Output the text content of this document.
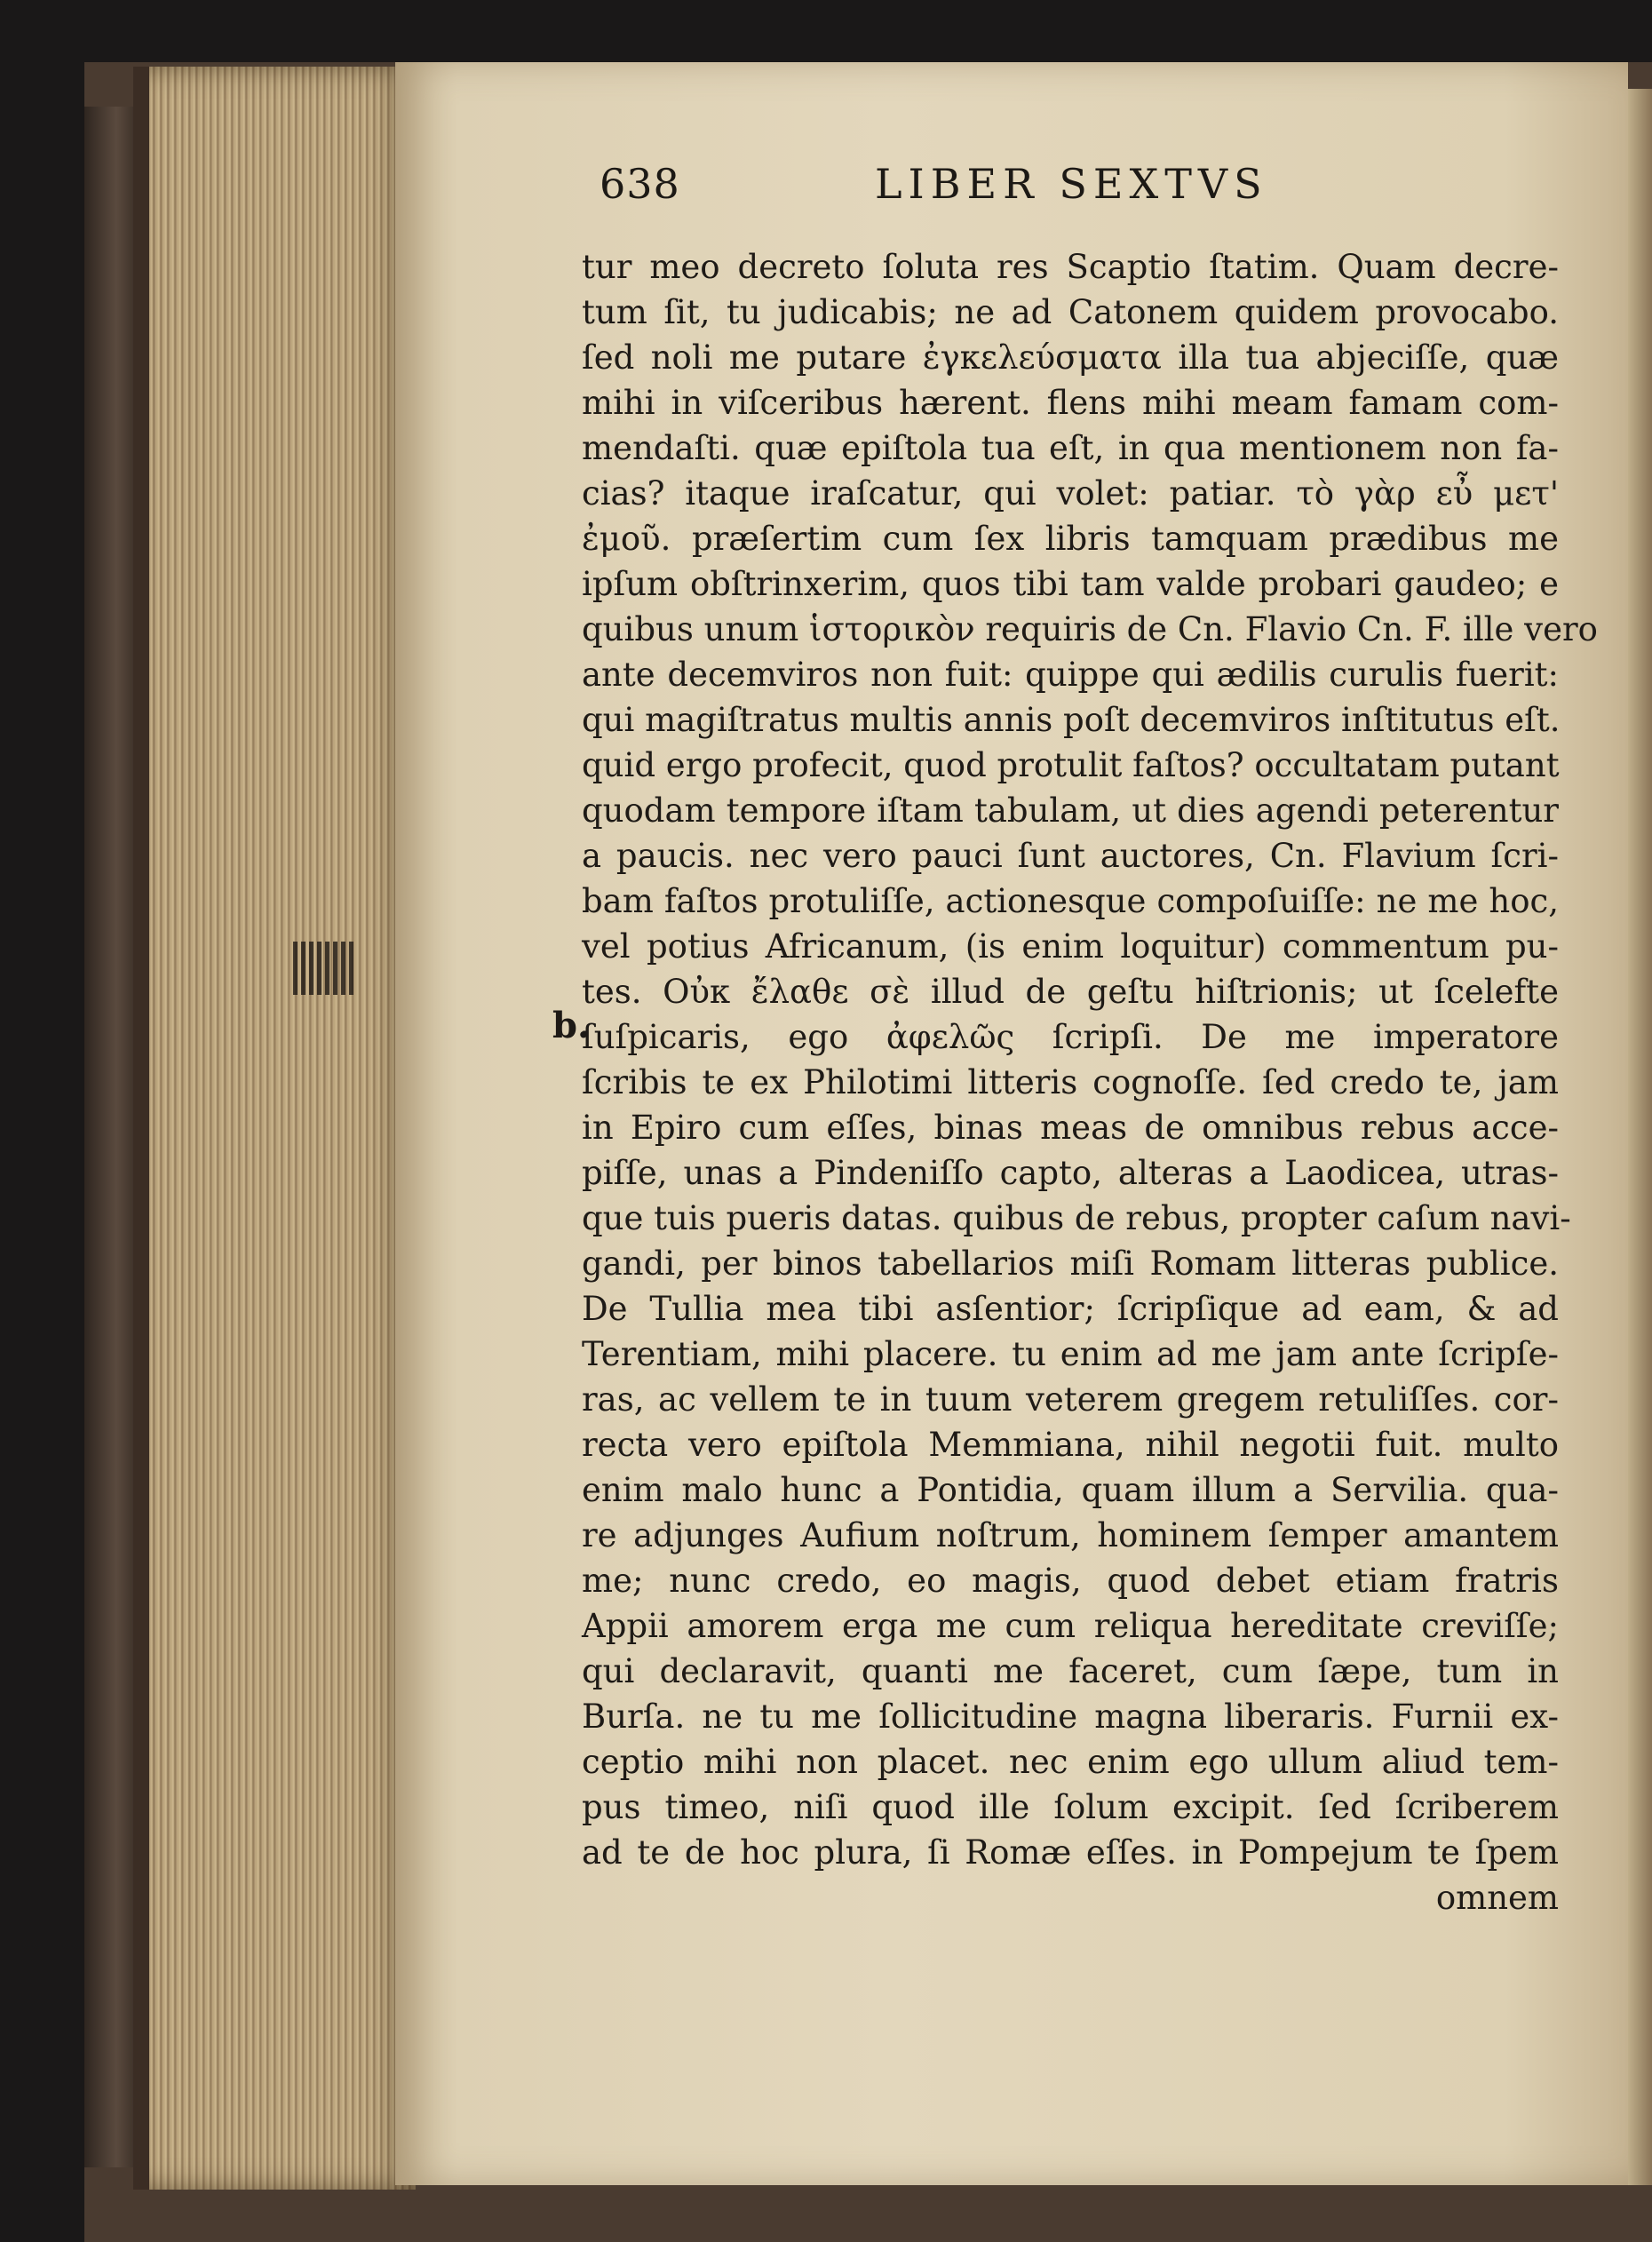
638	LIBER SEXTVS
b.
tur meo decreto ſoluta res Scaptio ſtatim. Quam decre-
tum ſit, tu judicabis; ne ad Catonem quidem provocabo.
ſed noli me putare ἐγκελεύσματα illa tua abjeciſſe, quæ
mihi in viſceribus hærent. flens mihi meam famam com-
mendaſti. quæ epiſtola tua eſt, in qua mentionem non fa-
cias? itaque iraſcatur, qui volet: patiar. τὸ γὰρ εὖ μετ'
ἐμοῦ. præſertim cum ſex libris tamquam prædibus me
ipſum obſtrinxerim, quos tibi tam valde probari gaudeo; e
quibus unum ἱστορικὸν requiris de Cn. Flavio Cn. F. ille vero
ante decemviros non fuit: quippe qui ædilis curulis fuerit:
qui magiſtratus multis annis poſt decemviros inſtitutus eſt.
quid ergo profecit, quod protulit faſtos? occultatam putant
quodam tempore iſtam tabulam, ut dies agendi peterentur
a paucis. nec vero pauci ſunt auctores, Cn. Flavium ſcri-
bam faſtos protuliſſe, actionesque compoſuiſſe: ne me hoc,
vel potius Africanum, (is enim loquitur) commentum pu-
tes. Οὐκ ἔλαθε σὲ illud de geſtu hiſtrionis; ut ſcelefte
ſuſpicaris, ego ἀφελῶς ſcripſi. De me imperatore
ſcribis te ex Philotimi litteris cognoſſe. ſed credo te, jam
in Epiro cum eſſes, binas meas de omnibus rebus acce-
piſſe, unas a Pindeniſſo capto, alteras a Laodicea, utras-
que tuis pueris datas. quibus de rebus, propter caſum navi-
gandi, per binos tabellarios miſi Romam litteras publice.
De Tullia mea tibi asſentior; ſcripſique ad eam, & ad
Terentiam, mihi placere. tu enim ad me jam ante ſcripſe-
ras, ac vellem te in tuum veterem gregem retuliſſes. cor-
recta vero epiſtola Memmiana, nihil negotii fuit. multo
enim malo hunc a Pontidia, quam illum a Servilia. qua-
re adjunges Aufium noſtrum, hominem ſemper amantem
me; nunc credo, eo magis, quod debet etiam fratris
Appii amorem erga me cum reliqua hereditate creviſſe;
qui declaravit, quanti me faceret, cum ſæpe, tum in
Burſa. ne tu me ſollicitudine magna liberaris. Furnii ex-
ceptio mihi non placet. nec enim ego ullum aliud tem-
pus timeo, niſi quod ille ſolum excipit. ſed ſcriberem
ad te de hoc plura, ſi Romæ eſſes. in Pompejum te ſpem
omnem
